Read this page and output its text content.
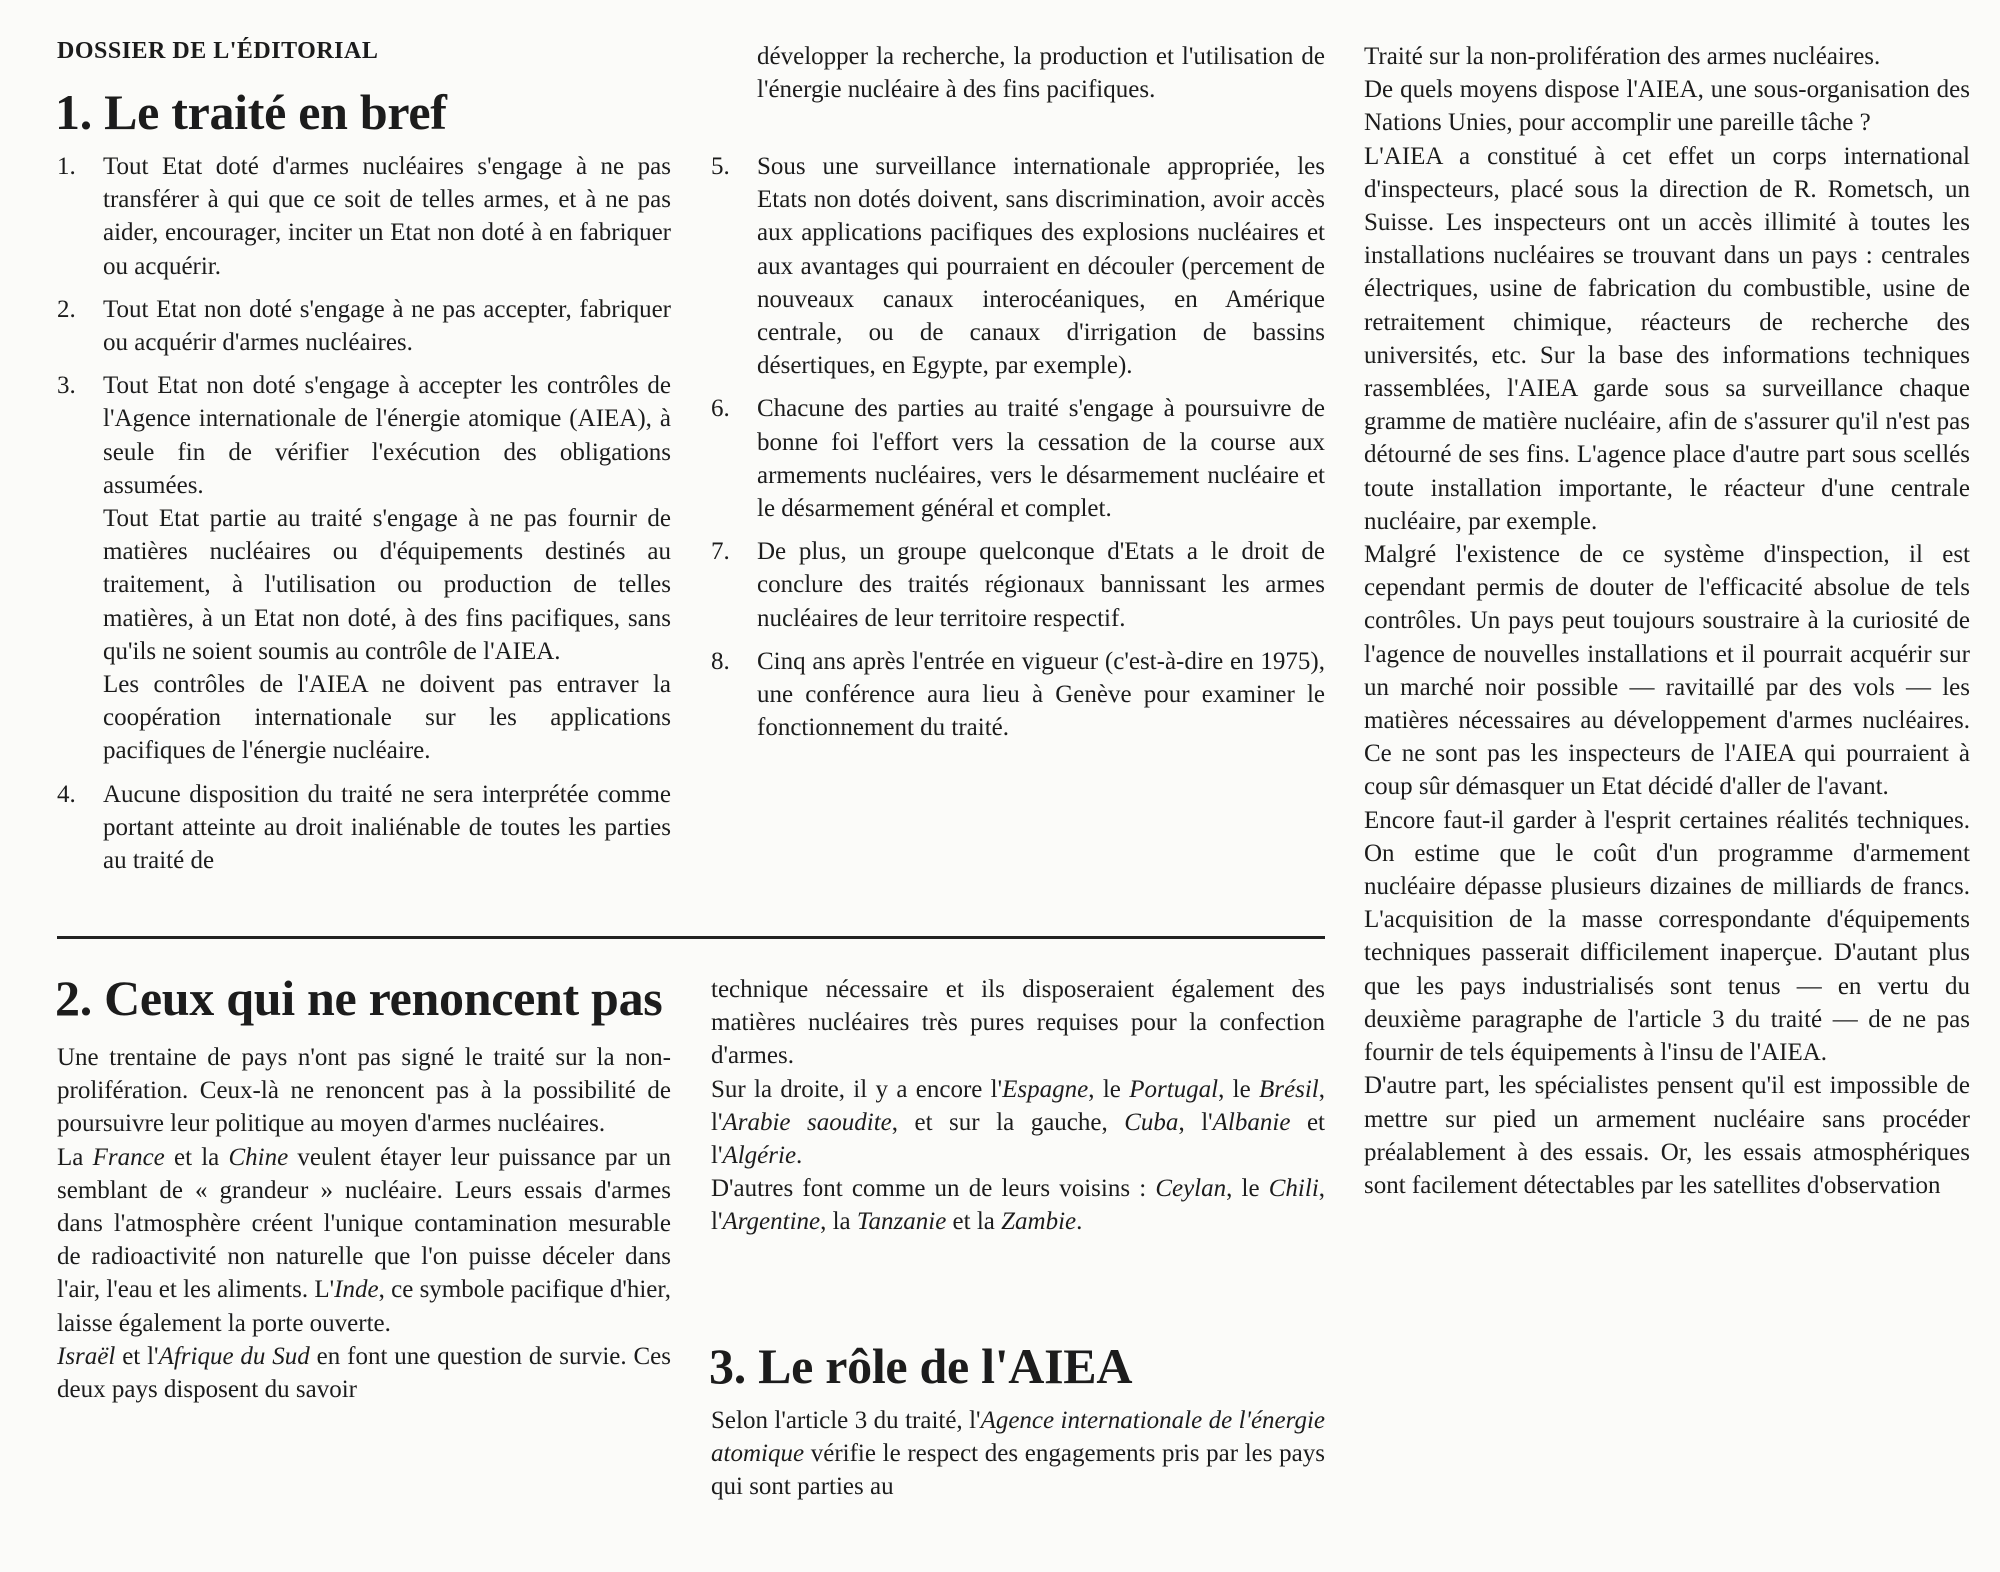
DOSSIER DE L'ÉDITORIAL
1. Le traité en bref
1.	Tout Etat doté d'armes nucléaires s'engage à ne pas transférer à qui que ce soit de telles armes, et à ne pas aider, encourager, inciter un Etat non doté à en fabriquer ou acquérir.
2.	Tout Etat non doté s'engage à ne pas accepter, fabriquer ou acquérir d'armes nucléaires.
3.	Tout Etat non doté s'engage à accepter les contrôles de l'Agence internationale de l'énergie atomique (AIEA), à seule fin de vérifier l'exécution des obligations assumées.
Tout Etat partie au traité s'engage à ne pas fournir de matières nucléaires ou d'équipements destinés au traitement, à l'utilisation ou production de telles matières, à un Etat non doté, à des fins pacifiques, sans qu'ils ne soient soumis au contrôle de l'AIEA.
Les contrôles de l'AIEA ne doivent pas entraver la coopération internationale sur les applications pacifiques de l'énergie nucléaire.
4.	Aucune disposition du traité ne sera interprétée comme portant atteinte au droit inaliénable de toutes les parties au traité de
2. Ceux qui ne renoncent pas

Une trentaine de pays n'ont pas signé le traité sur la non-prolifération. Ceux-là ne renoncent pas à la possibilité de poursuivre leur politique au moyen d'armes nucléaires.

La France et la Chine veulent étayer leur puissance par un semblant de « grandeur » nucléaire. Leurs essais d'armes dans l'atmosphère créent l'unique contamination mesurable de radioactivité non naturelle que l'on puisse déceler dans l'air, l'eau et les aliments. L'Inde, ce symbole pacifique d'hier, laisse également la porte ouverte.

Israël et l'Afrique du Sud en font une question de survie. Ces deux pays disposent du savoir

développer la recherche, la production et l'utilisation de l'énergie nucléaire à des fins pacifiques.
5.	Sous une surveillance internationale appropriée, les Etats non dotés doivent, sans discrimination, avoir accès aux applications pacifiques des explosions nucléaires et aux avantages qui pourraient en découler (percement de nouveaux canaux interocéaniques, en Amérique centrale, ou de canaux d'irrigation de bassins désertiques, en Egypte, par exemple).
6.	Chacune des parties au traité s'engage à poursuivre de bonne foi l'effort vers la cessation de la course aux armements nucléaires, vers le désarmement nucléaire et le désarmement général et complet.
7.	De plus, un groupe quelconque d'Etats a le droit de conclure des traités régionaux bannissant les armes nucléaires de leur territoire respectif.
8.	Cinq ans après l'entrée en vigueur (c'est-à-dire en 1975), une conférence aura lieu à Genève pour examiner le fonctionnement du traité.

technique nécessaire et ils disposeraient également des matières nucléaires très pures requises pour la confection d'armes.

Sur la droite, il y a encore l'Espagne, le Portugal, le Brésil, l'Arabie saoudite, et sur la gauche, Cuba, l'Albanie et l'Algérie.

D'autres font comme un de leurs voisins : Ceylan, le Chili, l'Argentine, la Tanzanie et la Zambie.

3. Le rôle de l'AIEA

Selon l'article 3 du traité, l'Agence internationale de l'énergie atomique vérifie le respect des engagements pris par les pays qui sont parties au

Traité sur la non-prolifération des armes nucléaires.

De quels moyens dispose l'AIEA, une sous-organisation des Nations Unies, pour accomplir une pareille tâche ?

L'AIEA a constitué à cet effet un corps international d'inspecteurs, placé sous la direction de R. Rometsch, un Suisse. Les inspecteurs ont un accès illimité à toutes les installations nucléaires se trouvant dans un pays : centrales électriques, usine de fabrication du combustible, usine de retraitement chimique, réacteurs de recherche des universités, etc. Sur la base des informations techniques rassemblées, l'AIEA garde sous sa surveillance chaque gramme de matière nucléaire, afin de s'assurer qu'il n'est pas détourné de ses fins. L'agence place d'autre part sous scellés toute installation importante, le réacteur d'une centrale nucléaire, par exemple.

Malgré l'existence de ce système d'inspection, il est cependant permis de douter de l'efficacité absolue de tels contrôles. Un pays peut toujours soustraire à la curiosité de l'agence de nouvelles installations et il pourrait acquérir sur un marché noir possible — ravitaillé par des vols — les matières nécessaires au développement d'armes nucléaires. Ce ne sont pas les inspecteurs de l'AIEA qui pourraient à coup sûr démasquer un Etat décidé d'aller de l'avant.

Encore faut-il garder à l'esprit certaines réalités techniques. On estime que le coût d'un programme d'armement nucléaire dépasse plusieurs dizaines de milliards de francs. L'acquisition de la masse correspondante d'équipements techniques passerait difficilement inaperçue. D'autant plus que les pays industrialisés sont tenus — en vertu du deuxième paragraphe de l'article 3 du traité — de ne pas fournir de tels équipements à l'insu de l'AIEA.

D'autre part, les spécialistes pensent qu'il est impossible de mettre sur pied un armement nucléaire sans procéder préalablement à des essais. Or, les essais atmosphériques sont facilement détectables par les satellites d'observation
